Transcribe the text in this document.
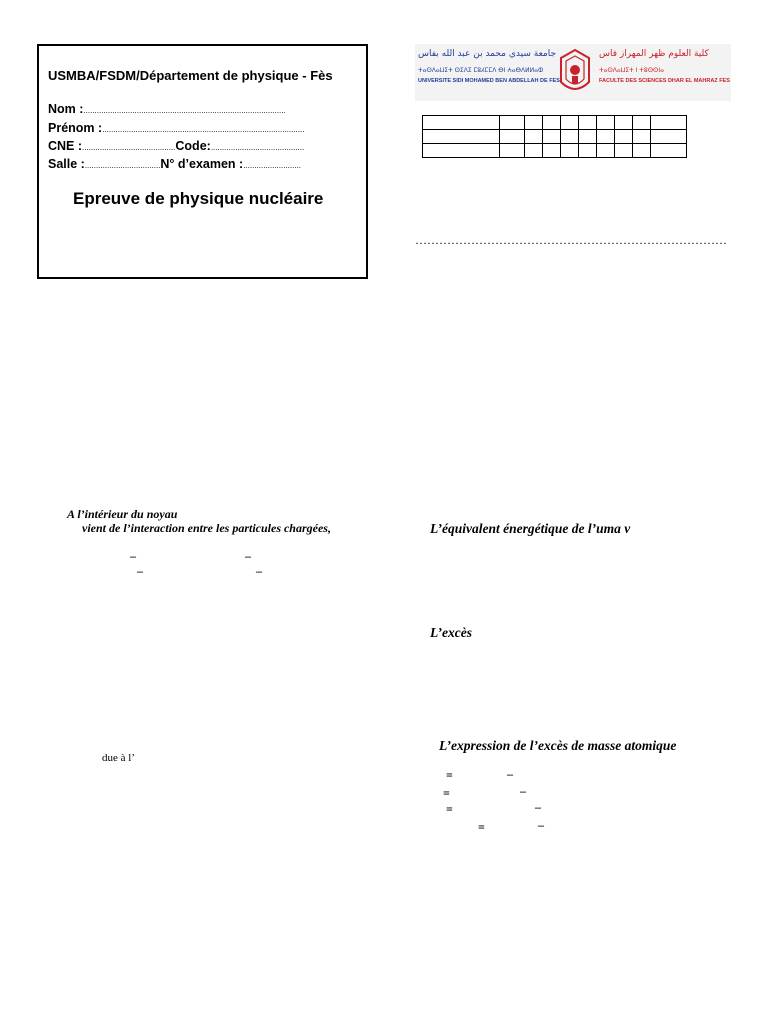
USMBA/FSDM/Département de physique - Fès
Nom :...........................................................................................
Prénom :...........................................................................................
CNE :..........................................Code:..........................................
Salle :..................................N° d’examen :..........................
Epreuve de physique nucléaire
جامعة سيدي محمد بن عبد الله بفاس
ⵜⴰⵙⴷⴰⵡⵉⵜ ⵙⵉⴷⵉ ⵎⵓⵃⵎⵎⴷ ⴱⵏ ⵄⴰⴱⴷⵍⵍⴰⵀ
UNIVERSITE SIDI MOHAMED BEN ABDELLAH DE FES
كلية العلوم ظهر المهراز فاس
ⵜⴰⵙⴷⴰⵡⵉⵜ ⵏ ⵜⵓⵙⵙⵏⴰ
FACULTE DES SCIENCES DHAR EL MAHRAZ FES

……………………………………………………………………
A l’intérieur du noyau
vient de l’interaction entre les particules chargées,
–	–
–	–
due à l’
L’équivalent énergétique de l’uma v
L’excès
L’expression de l’excès de masse atomique
=	–
=	–
=	–
=	–
